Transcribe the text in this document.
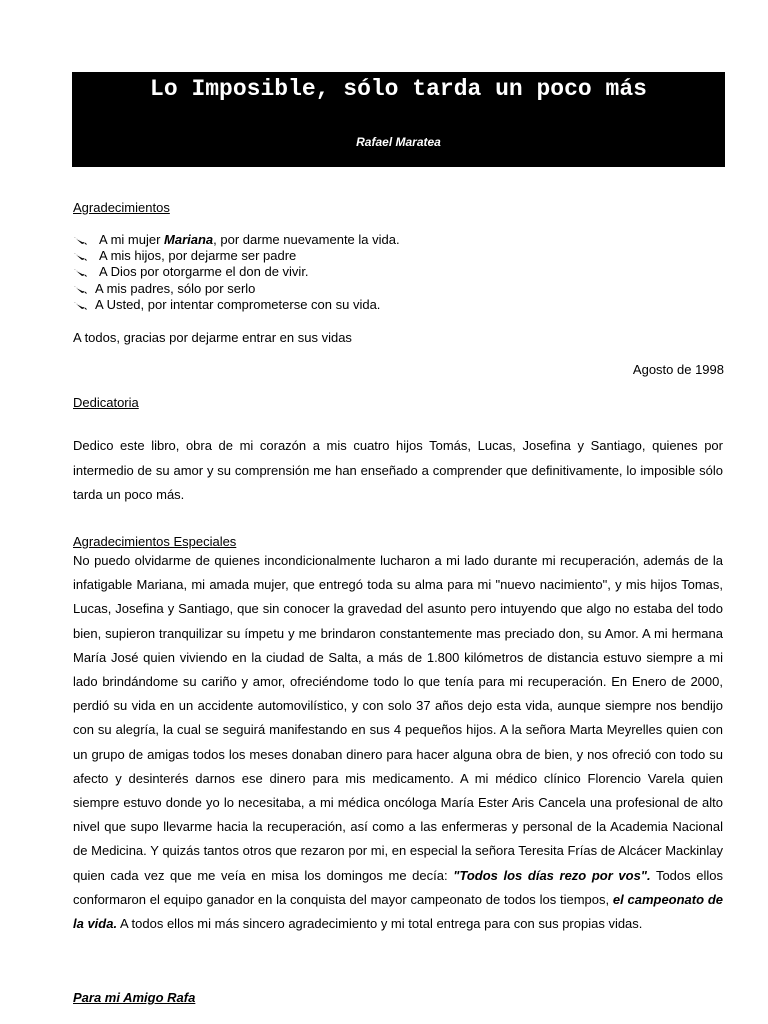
Lo Imposible, sólo tarda un poco más
Rafael Maratea
Agradecimientos
A mi mujer Mariana, por darme nuevamente la vida.
A mis hijos, por dejarme ser padre
A Dios por otorgarme el don de vivir.
A mis padres, sólo por serlo
A Usted, por intentar comprometerse con su vida.
A todos, gracias por dejarme entrar en sus vidas
Agosto de 1998
Dedicatoria

Dedico este libro, obra de mi corazón a mis cuatro hijos Tomás, Lucas, Josefina y Santiago, quienes por intermedio de su amor y su comprensión me han enseñado a comprender que definitivamente, lo imposible sólo tarda un poco más.

Agradecimientos Especiales

No puedo olvidarme de quienes incondicionalmente lucharon a mi lado durante mi recuperación, además de la infatigable Mariana, mi amada mujer, que entregó toda su alma para mi "nuevo nacimiento", y mis hijos Tomas, Lucas, Josefina y Santiago, que sin conocer la gravedad del asunto pero intuyendo que algo no estaba del todo bien, supieron tranquilizar su ímpetu y me brindaron constantemente mas preciado don, su Amor. A mi hermana María José quien viviendo en la ciudad de Salta, a más de 1.800 kilómetros de distancia estuvo siempre a mi lado brindándome su cariño y amor, ofreciéndome todo lo que tenía para mi recuperación. En Enero de 2000, perdió su vida en un accidente automovilístico, y con solo 37 años dejo esta vida, aunque siempre nos bendijo con su alegría, la cual se seguirá manifestando en sus 4 pequeños hijos. A la señora Marta Meyrelles quien con un grupo de amigas todos los meses donaban dinero para hacer alguna obra de bien, y nos ofreció con todo su afecto y desinterés darnos ese dinero para mis medicamento. A mi médico clínico Florencio Varela quien siempre estuvo donde yo lo necesitaba, a mi médica oncóloga María Ester Aris Cancela una profesional de alto nivel que supo llevarme hacia la recuperación, así como a las enfermeras y personal de la Academia Nacional de Medicina. Y quizás tantos otros que rezaron por mi, en especial la señora Teresita Frías de Alcácer Mackinlay quien cada vez que me veía en misa los domingos me decía: "Todos los días rezo por vos". Todos ellos conformaron el equipo ganador en la conquista del mayor campeonato de todos los tiempos, el campeonato de la vida. A todos ellos mi más sincero agradecimiento y mi total entrega para con sus propias vidas.

Para mi Amigo Rafa
